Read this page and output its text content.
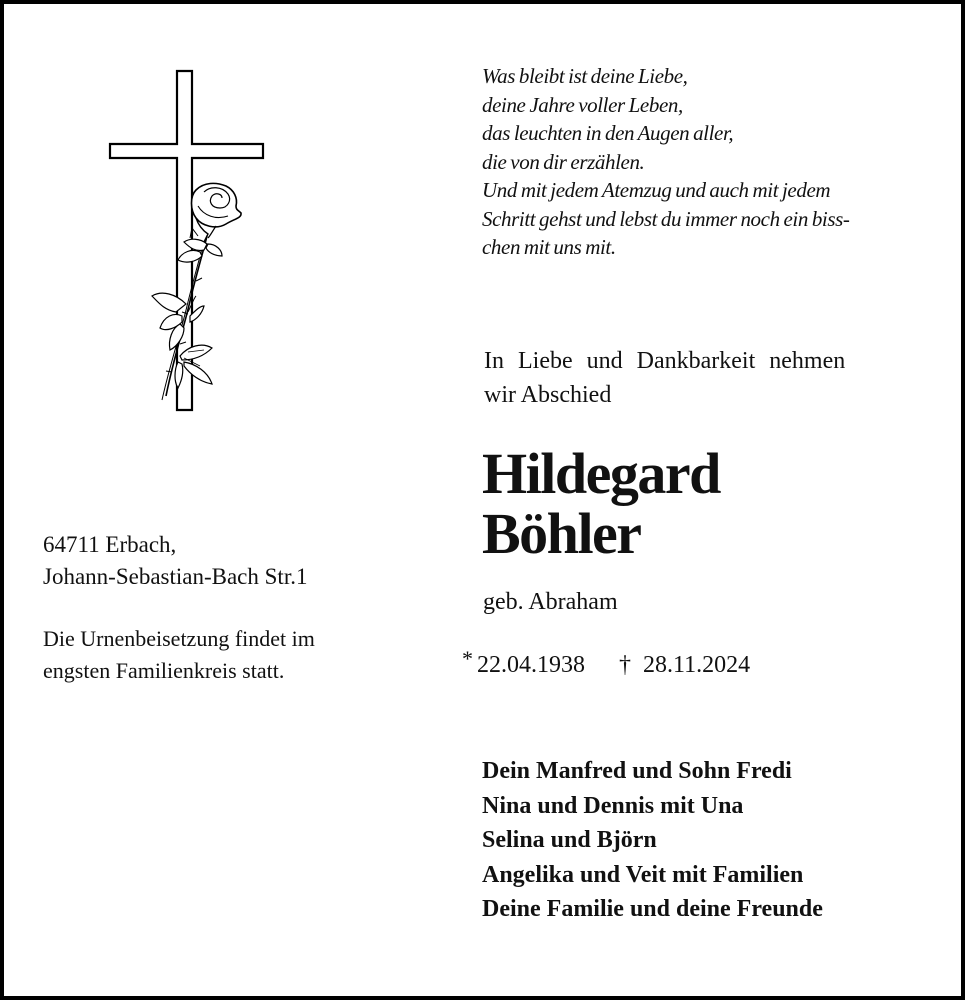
Was bleibt ist deine Liebe,
deine Jahre voller Leben,
das leuchten in den Augen aller,
die von dir erzählen.
Und mit jedem Atemzug und auch mit jedem
Schritt gehst und lebst du immer noch ein biss-
chen mit uns mit.
In Liebe und Dankbarkeit nehmen
wir Abschied
Hildegard
Böhler
geb. Abraham
* 22.04.1938 † 28.11.2024
64711 Erbach,
Johann-Sebastian-Bach Str.1
Die Urnenbeisetzung findet im
engsten Familienkreis statt.
Dein Manfred und Sohn Fredi
Nina und Dennis mit Una
Selina und Björn
Angelika und Veit mit Familien
Deine Familie und deine Freunde
